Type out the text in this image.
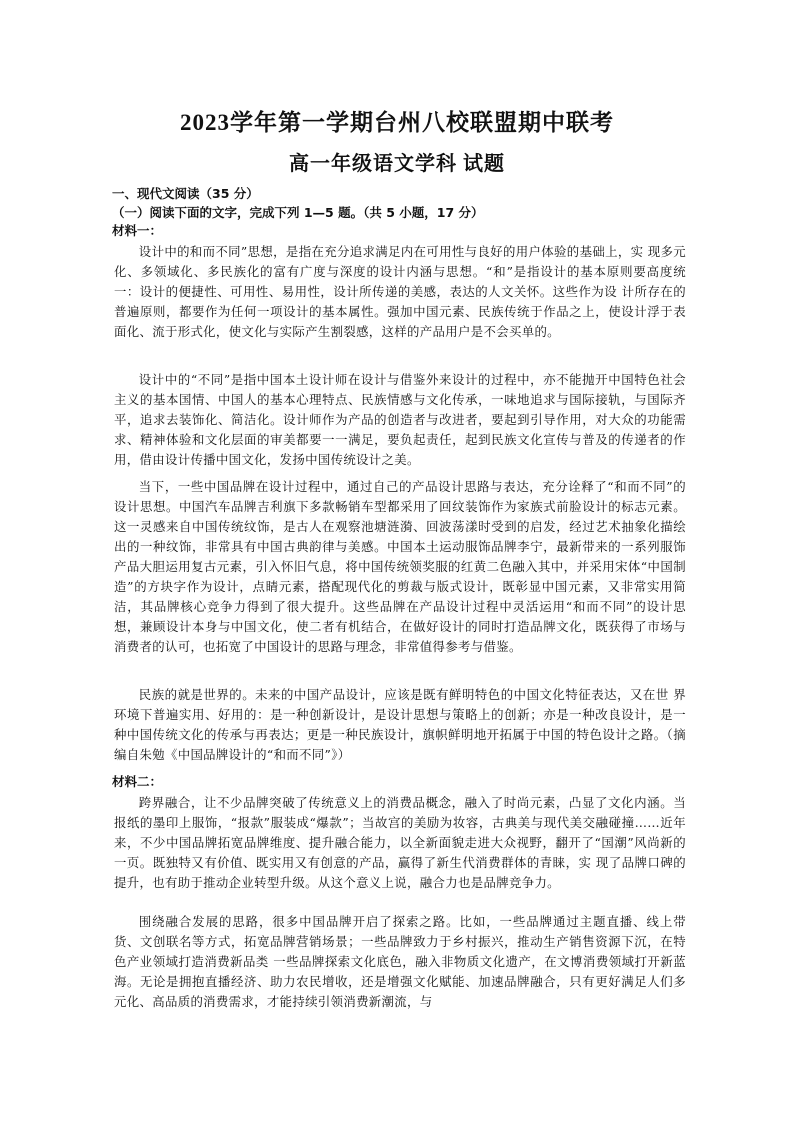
2023学年第一学期台州八校联盟期中联考
高一年级语文学科 试题
一、现代文阅读（35 分）
（一）阅读下面的文字，完成下列 1—5 题。（共 5 小题，17 分）
材料一：

设计中的和而不同”思想，是指在充分追求满足内在可用性与良好的用户体验的基础上，实 现多元化、多领域化、多民族化的富有广度与深度的设计内涵与思想。“和”是指设计的基本原则要高度统一：设计的便捷性、可用性、易用性，设计所传递的美感，表达的人文关怀。这些作为设 计所存在的普遍原则，都要作为任何一项设计的基本属性。强加中国元素、民族传统于作品之上，使设计浮于表面化、流于形式化，使文化与实际产生割裂感，这样的产品用户是不会买单的。

设计中的“不同”是指中国本土设计师在设计与借鉴外来设计的过程中，亦不能抛开中国特色社会主义的基本国情、中国人的基本心理特点、民族情感与文化传承，一味地追求与国际接轨，与国际齐平，追求去装饰化、简洁化。设计师作为产品的创造者与改进者，要起到引导作用，对大众的功能需求、精神体验和文化层面的审美都要一一满足，要负起责任，起到民族文化宣传与普及的传递者的作用，借由设计传播中国文化，发扬中国传统设计之美。

当下，一些中国品牌在设计过程中，通过自己的产品设计思路与表达，充分诠释了“和而不同”的设计思想。中国汽车品牌吉利旗下多款畅销车型都采用了回纹装饰作为家族式前脸设计的标志元素。这一灵感来自中国传统纹饰，是古人在观察池塘涟漪、回波荡漾时受到的启发，经过艺术抽象化描绘出的一种纹饰，非常具有中国古典韵律与美感。中国本土运动服饰品牌李宁，最新带来的一系列服饰产品大胆运用复古元素，引入怀旧气息，将中国传统领奖服的红黄二色融入其中，并采用宋体“中国制造”的方块字作为设计，点睛元素，搭配现代化的剪裁与版式设计，既彰显中国元素，又非常实用简洁，其品牌核心竞争力得到了很大提升。这些品牌在产品设计过程中灵活运用“和而不同”的设计思想，兼顾设计本身与中国文化，使二者有机结合，在做好设计的同时打造品牌文化，既获得了市场与消费者的认可，也拓宽了中国设计的思路与理念，非常值得参考与借鉴。

民族的就是世界的。未来的中国产品设计，应该是既有鲜明特色的中国文化特征表达，又在世 界环境下普遍实用、好用的：是一种创新设计，是设计思想与策略上的创新；亦是一种改良设计，是一种中国传统文化的传承与再表达；更是一种民族设计，旗帜鲜明地开拓属于中国的特色设计之路。（摘编自朱勉《中国品牌设计的“和而不同”》）

材料二：

跨界融合，让不少品牌突破了传统意义上的消费品概念，融入了时尚元素，凸显了文化内涵。当报纸的墨印上服饰，“报款”服装成“爆款”；当故宫的美励为妆容，古典美与现代美交融碰撞……近年来，不少中国品牌拓宽品牌维度、提升融合能力，以全新面貌走进大众视野，翻开了“国潮”风尚新的一页。既独特又有价值、既实用又有创意的产品，赢得了新生代消费群体的青睐，实 现了品牌口碑的提升，也有助于推动企业转型升级。从这个意义上说，融合力也是品牌竞争力。

围绕融合发展的思路，很多中国品牌开启了探索之路。比如，一些品牌通过主题直播、线上带货、文创联名等方式，拓宽品牌营销场景；一些品牌致力于乡村振兴，推动生产销售资源下沉，在特色产业领域打造消费新品类 一些品牌探索文化底色，融入非物质文化遗产，在文博消费领域打开新蓝海。无论是拥抱直播经济、助力农民增收，还是增强文化赋能、加速品牌融合，只有更好满足人们多元化、高品质的消费需求，才能持续引领消费新潮流，与
